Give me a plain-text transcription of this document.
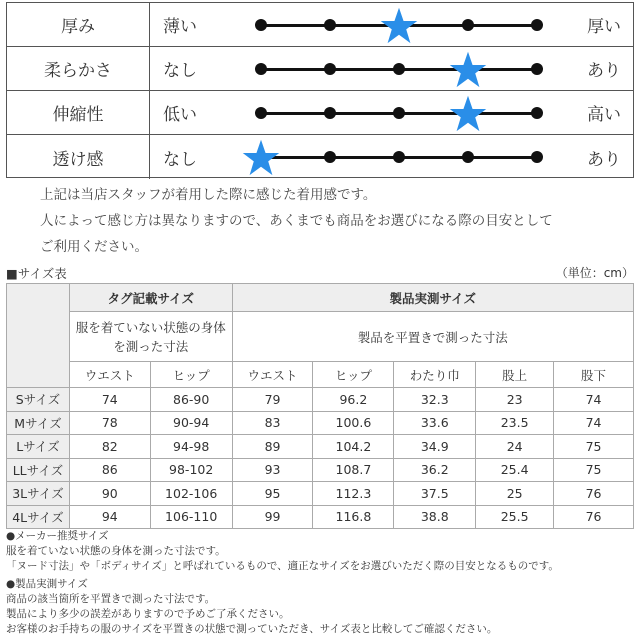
厚み	薄い	厚い
柔らかさ	なし	あり
伸縮性	低い	高い
透け感	なし	あり
上記は当店スタッフが着用した際に感じた着用感です。
人によって感じ方は異なりますので、あくまでも商品をお選びになる際の目安として
ご利用ください。
■サイズ表	（単位：cm）
	タグ記載サイズ		製品実測サイズ				
	服を着ていない状態の身体を測った寸法		製品を平置きで測った寸法				
	ウエスト	ヒップ	ウエスト	ヒップ	わたり巾	股上	股下
Sサイズ	74	86-90	79	96.2	32.3	23	74
Mサイズ	78	90-94	83	100.6	33.6	23.5	74
Lサイズ	82	94-98	89	104.2	34.9	24	75
LLサイズ	86	98-102	93	108.7	36.2	25.4	75
3Lサイズ	90	102-106	95	112.3	37.5	25	76
4Lサイズ	94	106-110	99	116.8	38.8	25.5	76
●メーカー推奨サイズ
服を着ていない状態の身体を測った寸法です。
「ヌード寸法」や「ボディサイズ」と呼ばれているもので、適正なサイズをお選びいただく際の目安となるものです。
●製品実測サイズ
商品の該当箇所を平置きで測った寸法です。
製品により多少の誤差がありますので予めご了承ください。
お客様のお手持ちの服のサイズを平置きの状態で測っていただき、サイズ表と比較してご確認ください。
